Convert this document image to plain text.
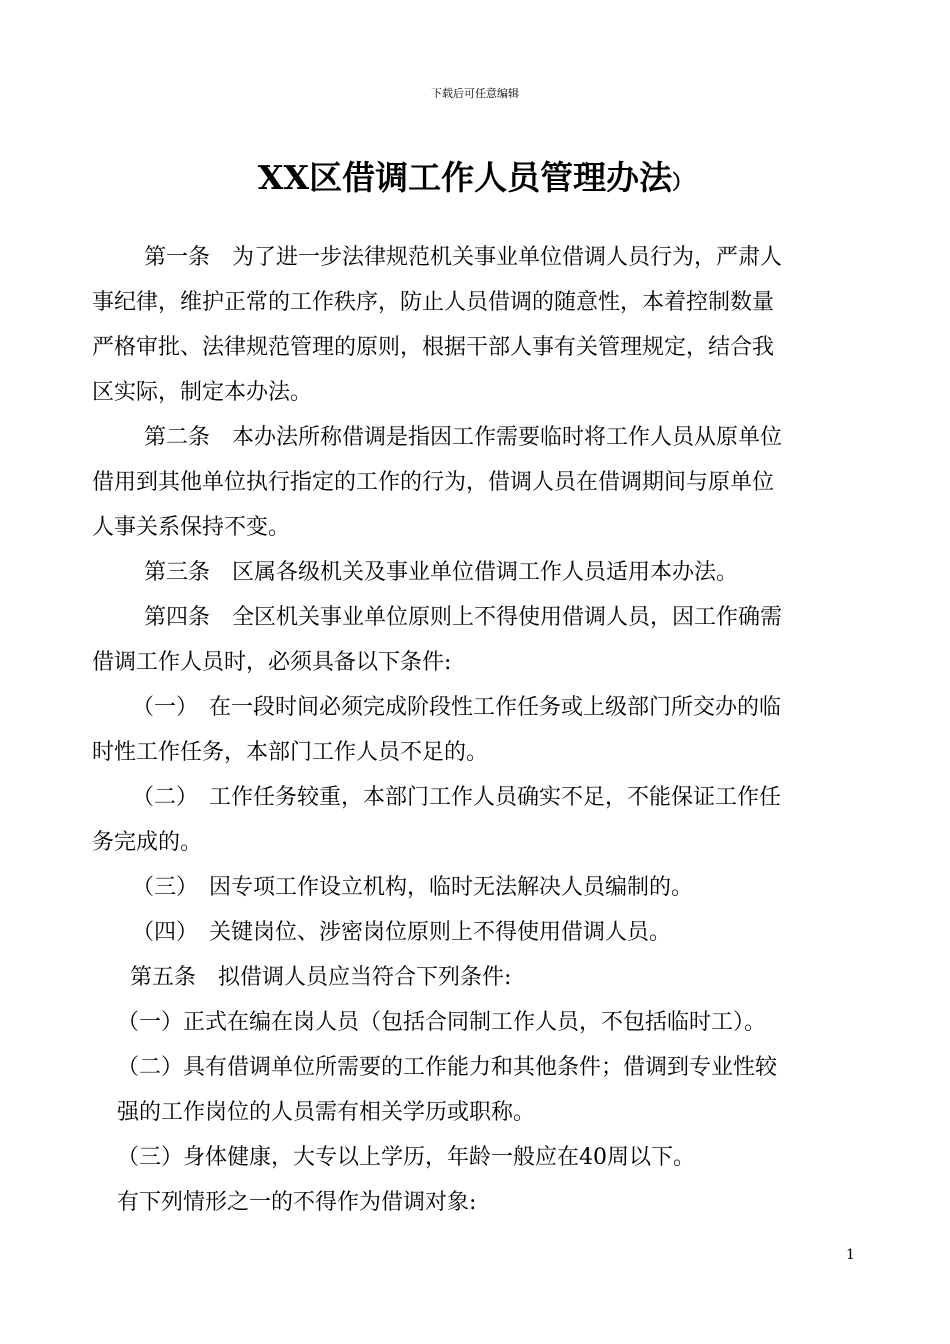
下载后可任意编辑
XX区借调工作人员管理办法）
第一条　为了进一步法律规范机关事业单位借调人员行为，严肃人
事纪律，维护正常的工作秩序，防止人员借调的随意性，本着控制数量
严格审批、法律规范管理的原则，根据干部人事有关管理规定，结合我
区实际，制定本办法。
第二条　本办法所称借调是指因工作需要临时将工作人员从原单位
借用到其他单位执行指定的工作的行为，借调人员在借调期间与原单位
人事关系保持不变。
第三条　区属各级机关及事业单位借调工作人员适用本办法。
第四条　全区机关事业单位原则上不得使用借调人员，因工作确需
借调工作人员时，必须具备以下条件:
（一）　在一段时间必须完成阶段性工作任务或上级部门所交办的临
时性工作任务，本部门工作人员不足的。
（二）　工作任务较重，本部门工作人员确实不足，不能保证工作任
务完成的。
（三）　因专项工作设立机构，临时无法解决人员编制的。
（四）　关键岗位、涉密岗位原则上不得使用借调人员。
第五条　拟借调人员应当符合下列条件:
（一）正式在编在岗人员（包括合同制工作人员，不包括临时工）。
（二）具有借调单位所需要的工作能力和其他条件；借调到专业性较
强的工作岗位的人员需有相关学历或职称。
（三）身体健康，大专以上学历，年龄一般应在40周以下。
有下列情形之一的不得作为借调对象:
1
